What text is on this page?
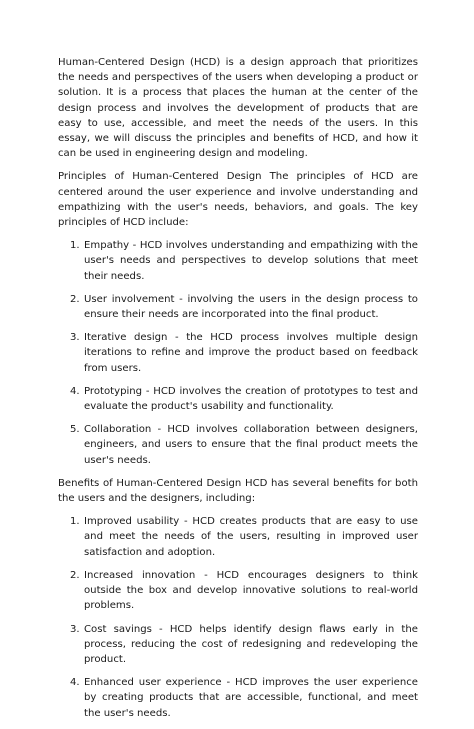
Human-Centered Design (HCD) is a design approach that prioritizes the needs and perspectives of the users when developing a product or solution. It is a process that places the human at the center of the design process and involves the development of products that are easy to use, accessible, and meet the needs of the users. In this essay, we will discuss the principles and benefits of HCD, and how it can be used in engineering design and modeling.

Principles of Human-Centered Design The principles of HCD are centered around the user experience and involve understanding and empathizing with the user's needs, behaviors, and goals. The key principles of HCD include:

1. Empathy - HCD involves understanding and empathizing with the user's needs and perspectives to develop solutions that meet their needs.
2. User involvement - involving the users in the design process to ensure their needs are incorporated into the final product.
3. Iterative design - the HCD process involves multiple design iterations to refine and improve the product based on feedback from users.
4. Prototyping - HCD involves the creation of prototypes to test and evaluate the product's usability and functionality.
5. Collaboration - HCD involves collaboration between designers, engineers, and users to ensure that the final product meets the user's needs.

Benefits of Human-Centered Design HCD has several benefits for both the users and the designers, including:

1. Improved usability - HCD creates products that are easy to use and meet the needs of the users, resulting in improved user satisfaction and adoption.
2. Increased innovation - HCD encourages designers to think outside the box and develop innovative solutions to real-world problems.
3. Cost savings - HCD helps identify design flaws early in the process, reducing the cost of redesigning and redeveloping the product.
4. Enhanced user experience - HCD improves the user experience by creating products that are accessible, functional, and meet the user's needs.
